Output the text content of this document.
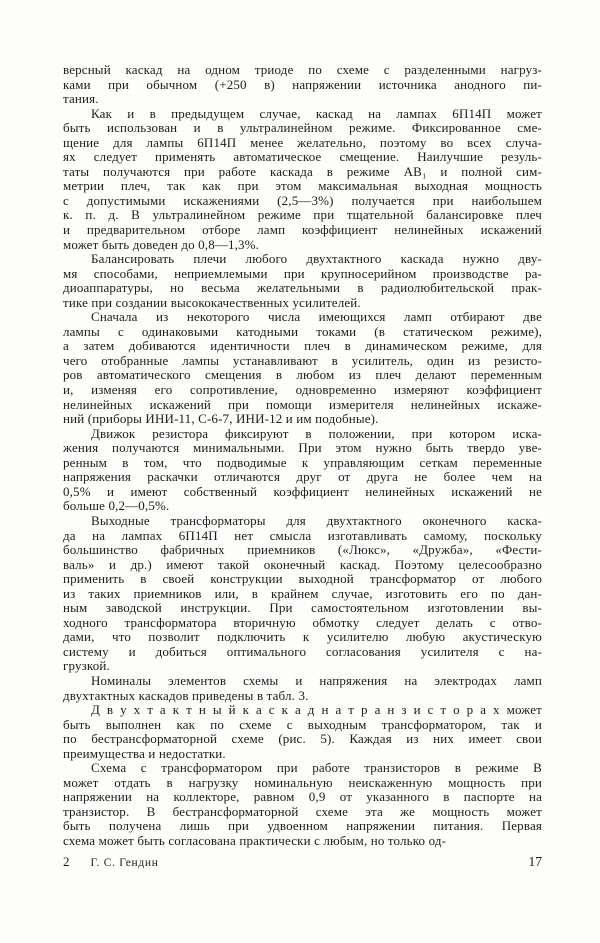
версный каскад на одном триоде по схеме с разделенными нагруз-
ками при обычном (+250 в) напряжении источника анодного пи-
тания.
Как и в предыдущем случае, каскад на лампах 6П14П может
быть использован и в ультралинейном режиме. Фиксированное сме-
щение для лампы 6П14П менее желательно, поэтому во всех случа-
ях следует применять автоматическое смещение. Наилучшие резуль-
таты получаются при работе каскада в режиме АВ₁ и полной сим-
метрии плеч, так как при этом максимальная выходная мощность
с допустимыми искажениями (2,5—3%) получается при наибольшем
к. п. д. В ультралинейном режиме при тщательной балансировке плеч
и предварительном отборе ламп коэффициент нелинейных искажений
может быть доведен до 0,8—1,3%.
Балансировать плечи любого двухтактного каскада нужно дву-
мя способами, неприемлемыми при крупносерийном производстве ра-
диоаппаратуры, но весьма желательными в радиолюбительской прак-
тике при создании высококачественных усилителей.
Сначала из некоторого числа имеющихся ламп отбирают две
лампы с одинаковыми катодными токами (в статическом режиме),
а затем добиваются идентичности плеч в динамическом режиме, для
чего отобранные лампы устанавливают в усилитель, один из резисто-
ров автоматического смещения в любом из плеч делают переменным
и, изменяя его сопротивление, одновременно измеряют коэффициент
нелинейных искажений при помощи измерителя нелинейных искаже-
ний (приборы ИНИ-11, С-6-7, ИНИ-12 и им подобные).
Движок резистора фиксируют в положении, при котором иска-
жения получаются минимальными. При этом нужно быть твердо уве-
ренным в том, что подводимые к управляющим сеткам переменные
напряжения раскачки отличаются друг от друга не более чем на
0,5% и имеют собственный коэффициент нелинейных искажений не
больше 0,2—0,5%.
Выходные трансформаторы для двухтактного оконечного каска-
да на лампах 6П14П нет смысла изготавливать самому, поскольку
большинство фабричных приемников («Люкс», «Дружба», «Фести-
валь» и др.) имеют такой оконечный каскад. Поэтому целесообразно
применить в своей конструкции выходной трансформатор от любого
из таких приемников или, в крайнем случае, изготовить его по дан-
ным заводской инструкции. При самостоятельном изготовлении вы-
ходного трансформатора вторичную обмотку следует делать с отво-
дами, что позволит подключить к усилителю любую акустическую
систему и добиться оптимального согласования усилителя с на-
грузкой.
Номиналы элементов схемы и напряжения на электродах ламп
двухтактных каскадов приведены в табл. 3.
Д в у х т а к т н ы й к а с к а д н а т р а н з и с т о р а х может
быть выполнен как по схеме с выходным трансформатором, так и
по бестрансформаторной схеме (рис. 5). Каждая из них имеет свои
преимущества и недостатки.
Схема с трансформатором при работе транзисторов в режиме В
может отдать в нагрузку номинальную неискаженную мощность при
напряжении на коллекторе, равном 0,9 от указанного в паспорте на
транзистор. В бестрансформаторной схеме эта же мощность может
быть получена лишь при удвоенном напряжении питания. Первая
схема может быть согласована практически с любым, но только од-
2 Г. С. Гендин	17
